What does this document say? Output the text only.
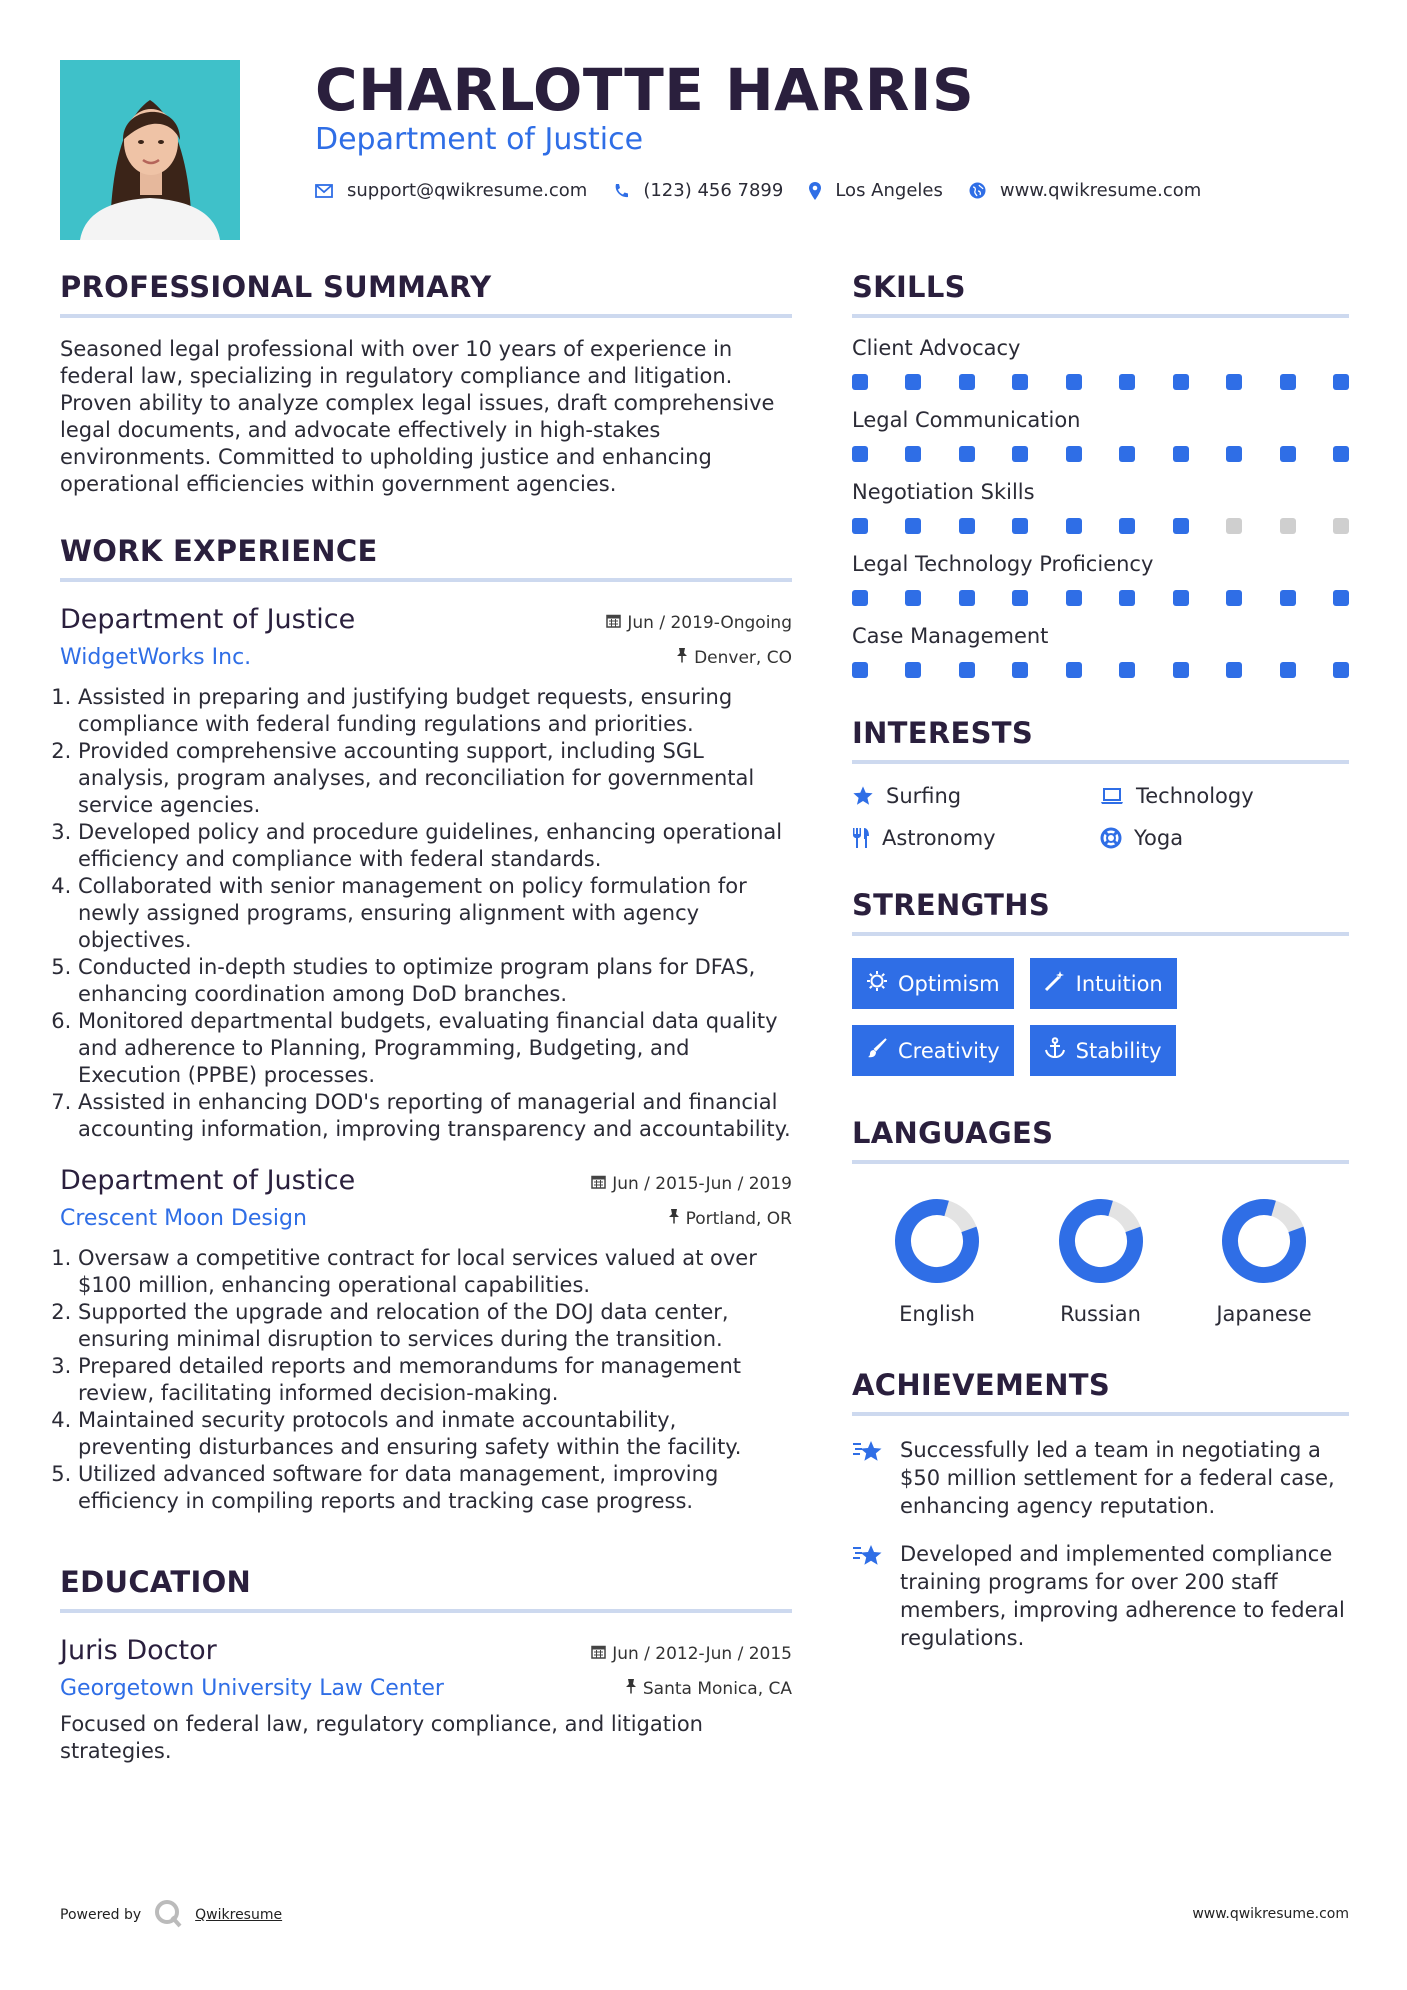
CHARLOTTE HARRIS
Department of Justice
support@qwikresume.com	(123) 456 7899	Los Angeles	www.qwikresume.com
PROFESSIONAL SUMMARY
Seasoned legal professional with over 10 years of experience in federal law, specializing in regulatory compliance and litigation. Proven ability to analyze complex legal issues, draft comprehensive legal documents, and advocate effectively in high-stakes environments. Committed to upholding justice and enhancing operational efficiencies within government agencies.
WORK EXPERIENCE
Department of Justice	Jun / 2019-Ongoing
WidgetWorks Inc.	Denver, CO
1. Assisted in preparing and justifying budget requests, ensuring compliance with federal funding regulations and priorities.
2. Provided comprehensive accounting support, including SGL analysis, program analyses, and reconciliation for governmental service agencies.
3. Developed policy and procedure guidelines, enhancing operational efficiency and compliance with federal standards.
4. Collaborated with senior management on policy formulation for newly assigned programs, ensuring alignment with agency objectives.
5. Conducted in-depth studies to optimize program plans for DFAS, enhancing coordination among DoD branches.
6. Monitored departmental budgets, evaluating financial data quality and adherence to Planning, Programming, Budgeting, and Execution (PPBE) processes.
7. Assisted in enhancing DOD's reporting of managerial and financial accounting information, improving transparency and accountability.
Department of Justice	Jun / 2015-Jun / 2019
Crescent Moon Design	Portland, OR
1. Oversaw a competitive contract for local services valued at over $100 million, enhancing operational capabilities.
2. Supported the upgrade and relocation of the DOJ data center, ensuring minimal disruption to services during the transition.
3. Prepared detailed reports and memorandums for management review, facilitating informed decision-making.
4. Maintained security protocols and inmate accountability, preventing disturbances and ensuring safety within the facility.
5. Utilized advanced software for data management, improving efficiency in compiling reports and tracking case progress.
EDUCATION
Juris Doctor	Jun / 2012-Jun / 2015
Georgetown University Law Center	Santa Monica, CA
Focused on federal law, regulatory compliance, and litigation strategies.
SKILLS
Client Advocacy
Legal Communication
Negotiation Skills
Legal Technology Proficiency
Case Management
INTERESTS
Surfing	Technology
Astronomy	Yoga
STRENGTHS
Optimism	Intuition
Creativity	Stability
LANGUAGES
English	Russian	Japanese
ACHIEVEMENTS
Successfully led a team in negotiating a $50 million settlement for a federal case, enhancing agency reputation.
Developed and implemented compliance training programs for over 200 staff members, improving adherence to federal regulations.
Powered by	Qwikresume	www.qwikresume.com
